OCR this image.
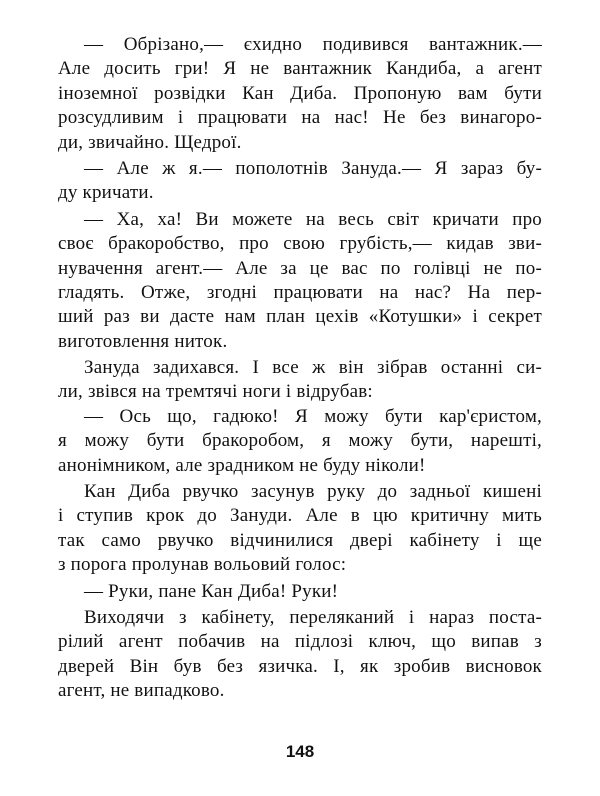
— Обрізано,— єхидно подивився вантажник.—
Але досить гри! Я не вантажник Кандиба, а агент
іноземної розвідки Кан Диба. Пропоную вам бути
розсудливим і працювати на нас! Не без винагоро-
ди, звичайно. Щедрої.
— Але ж я.— пополотнів Зануда.— Я зараз бу-
ду кричати.
— Ха, ха! Ви можете на весь світ кричати про
своє бракоробство, про свою грубість,— кидав зви-
нувачення агент.— Але за це вас по голівці не по-
гладять. Отже, згодні працювати на нас? На пер-
ший раз ви дасте нам план цехів «Котушки» і секрет
виготовлення ниток.
Зануда задихався. І все ж він зібрав останні си-
ли, звівся на тремтячі ноги і відрубав:
— Ось що, гадюко! Я можу бути кар'єристом,
я можу бути бракоробом, я можу бути, нарешті,
анонімником, але зрадником не буду ніколи!
Кан Диба рвучко засунув руку до задньої кишені
і ступив крок до Зануди. Але в цю критичну мить
так само рвучко відчинилися двері кабінету і ще
з порога пролунав вольовий голос:
— Руки, пане Кан Диба! Руки!
Виходячи з кабінету, переляканий і нараз поста-
рілий агент побачив на підлозі ключ, що випав з
дверей Він був без язичка. І, як зробив висновок
агент, не випадково.
148
